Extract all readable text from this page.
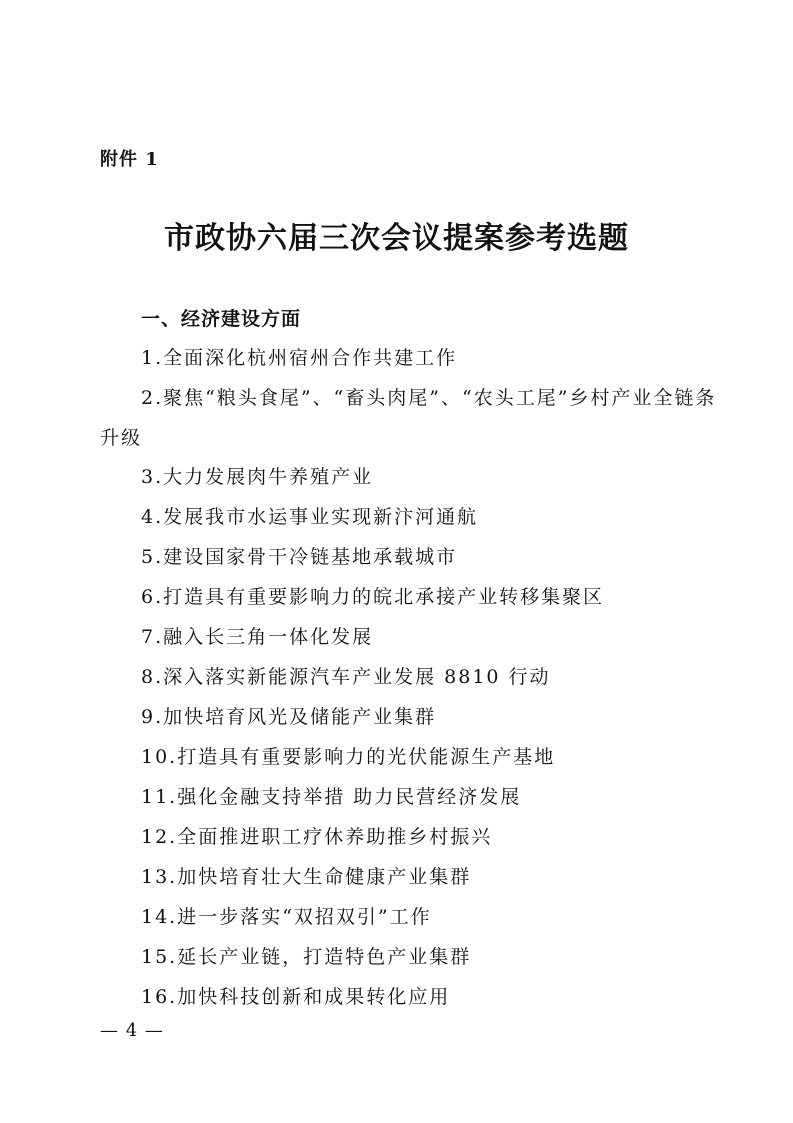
附件 1
市政协六届三次会议提案参考选题
一、经济建设方面
1.全面深化杭州宿州合作共建工作
2.聚焦“粮头食尾”、“畜头肉尾”、“农头工尾”乡村产业全链条
升级
3.大力发展肉牛养殖产业
4.发展我市水运事业实现新汴河通航
5.建设国家骨干冷链基地承载城市
6.打造具有重要影响力的皖北承接产业转移集聚区
7.融入长三角一体化发展
8.深入落实新能源汽车产业发展 8810 行动
9.加快培育风光及储能产业集群
10.打造具有重要影响力的光伏能源生产基地
11.强化金融支持举措 助力民营经济发展
12.全面推进职工疗休养助推乡村振兴
13.加快培育壮大生命健康产业集群
14.进一步落实“双招双引”工作
15.延长产业链，打造特色产业集群
16.加快科技创新和成果转化应用
— 4 —
